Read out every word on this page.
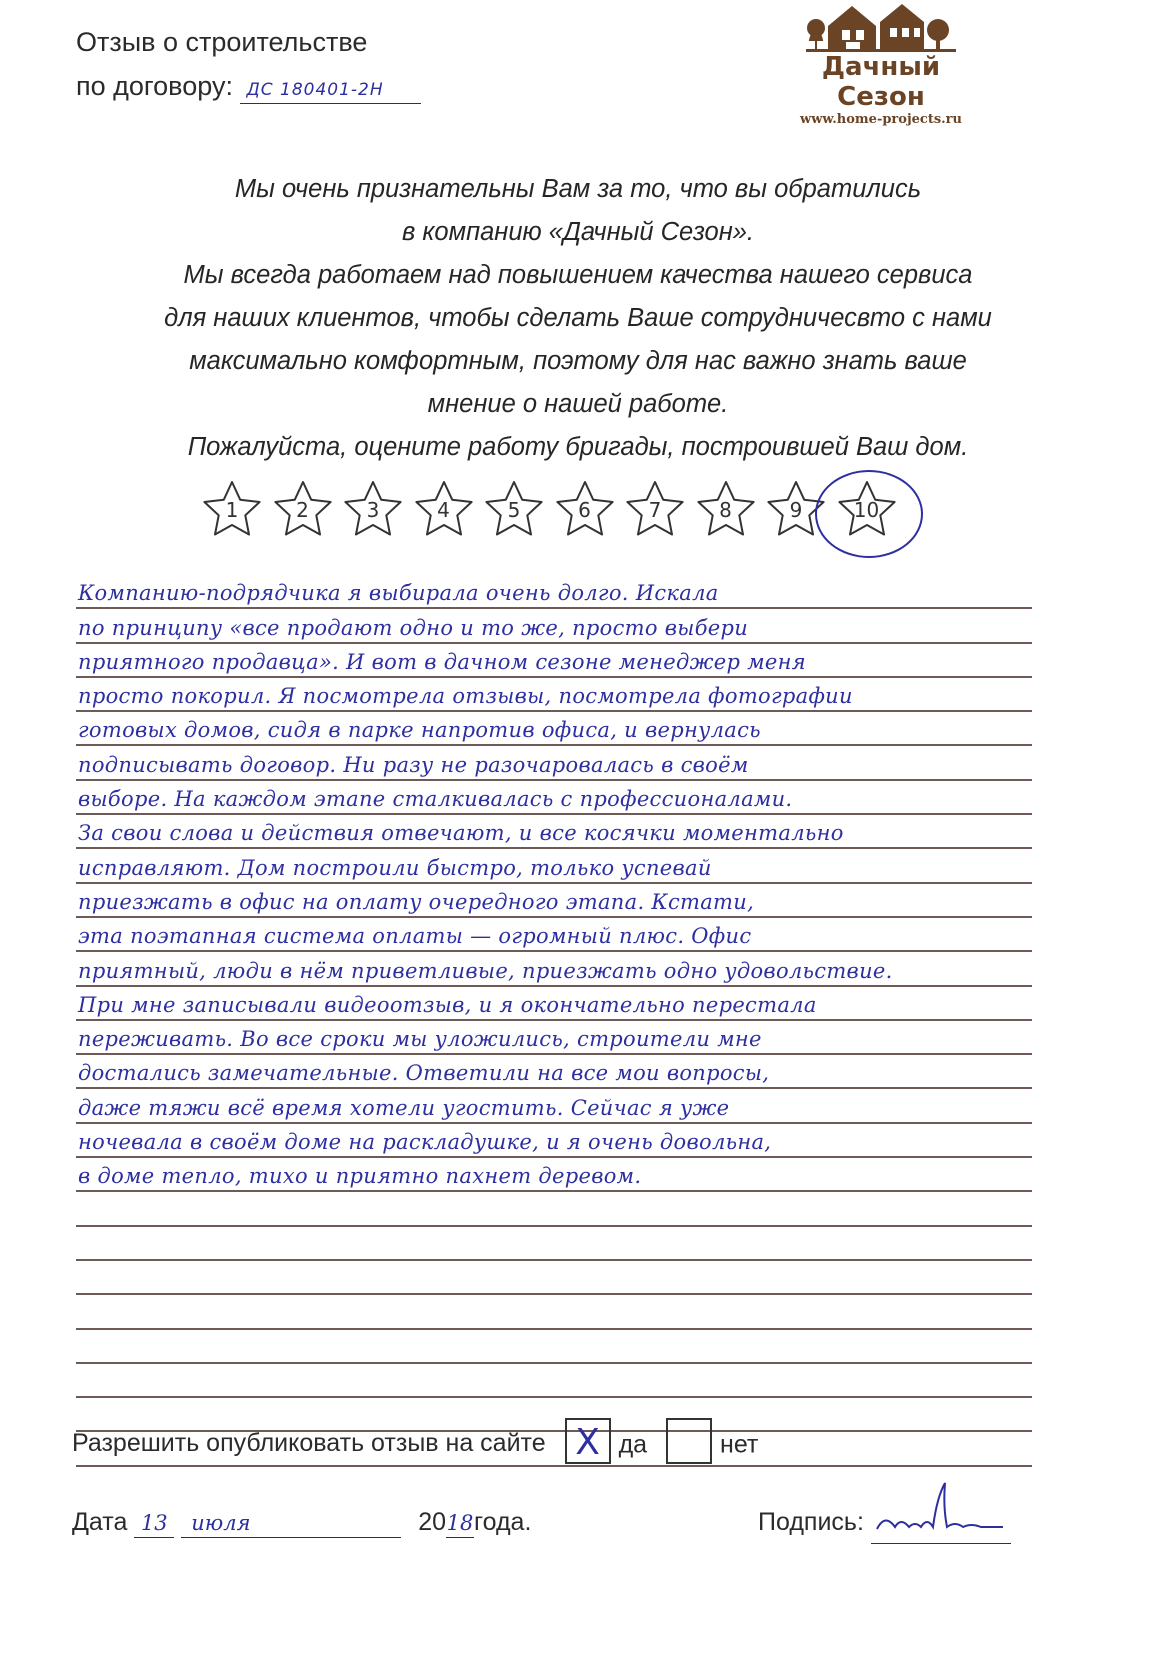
Отзыв о строительстве
по договору: ДС 180401-2Н
Дачный Сезон
www.home-projects.ru
Мы очень признательны Вам за то, что вы обратились
в компанию «Дачный Сезон».
Мы всегда работаем над повышением качества нашего сервиса
для наших клиентов, чтобы сделать Ваше сотрудничесвто с нами
максимально комфортным, поэтому для нас важно знать ваше
мнение о нашей работе.
Пожалуйста, оцените работу бригады, построившей Ваш дом.
1	2	3	4	5	6	7	8	9	10
Компанию-подрядчика я выбирала очень долго. Искала
по принципу «все продают одно и то же, просто выбери
приятного продавца». И вот в дачном сезоне менеджер меня
просто покорил. Я посмотрела отзывы, посмотрела фотографии
готовых домов, сидя в парке напротив офиса, и вернулась
подписывать договор. Ни разу не разочаровалась в своём
выборе. На каждом этапе сталкивалась с профессионалами.
За свои слова и действия отвечают, и все косячки моментально
исправляют. Дом построили быстро, только успевай
приезжать в офис на оплату очередного этапа. Кстати,
эта поэтапная система оплаты — огромный плюс. Офис
приятный, люди в нём приветливые, приезжать одно удовольствие.
При мне записывали видеоотзыв, и я окончательно перестала
переживать. Во все сроки мы уложились, строители мне
достались замечательные. Ответили на все мои вопросы,
даже тяжи всё время хотели угостить. Сейчас я уже
ночевала в своём доме на раскладушке, и я очень довольна,
в доме тепло, тихо и приятно пахнет деревом.
Разрешить опубликовать отзыв на сайте X да	нет
Дата 13 июля	2018года.	Подпись:
